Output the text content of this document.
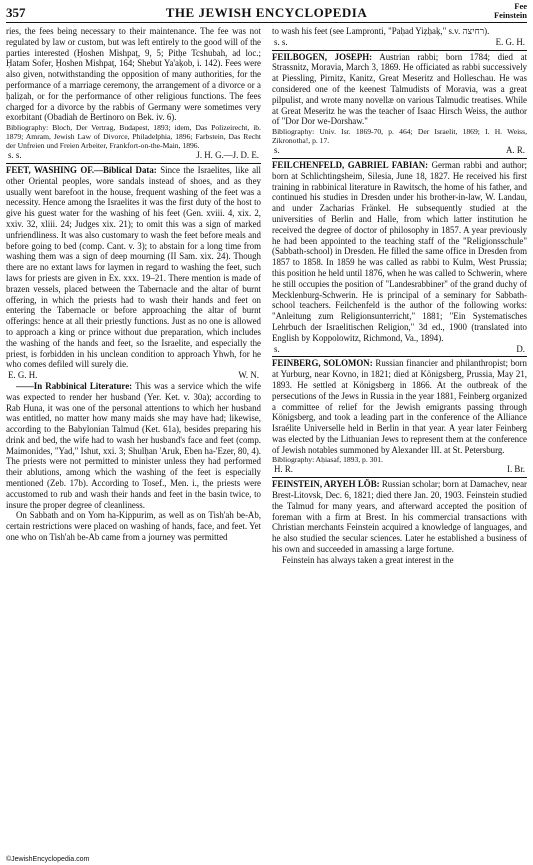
357	THE JEWISH ENCYCLOPEDIA	Fee
Feinstein

ries, the fees being necessary to their maintenance. The fee was not regulated by law or custom, but was left entirely to the good will of the parties interested (Ḥoshen Mishpaṭ, 9, 5; Pitḥe Tcshubah, ad loc.; Ḥatam Sofer, Ḥoshen Mishpaṭ, 164; Shebut Ya'aḳob, i. 142). Fees were also given, notwithstanding the opposition of many authorities, for the performance of a marriage ceremony, the arrangement of a divorce or a ḥaliẓah, or for the performance of other religious functions. The fees charged for a divorce by the rabbis of Germany were sometimes very exorbitant (Obadiah de Bertinoro on Bek. iv. 6).

Bibliography: Bloch, Der Vertrag, Budapest, 1893; idem, Das Polizeirecht, ib. 1879; Amram, Jewish Law of Divorce, Philadelphia, 1896; Farbstein, Das Recht der Unfreien und Freien Arbeiter, Frankfort-on-the-Main, 1896.

s. s.	J. H. G.—J. D. E.

FEET, WASHING OF.—Biblical Data: Since the Israelites, like all other Oriental peoples, wore sandals instead of shoes, and as they usually went barefoot in the house, frequent washing of the feet was a necessity. Hence among the Israelites it was the first duty of the host to give his guest water for the washing of his feet (Gen. xviii. 4, xix. 2, xxiv. 32, xliii. 24; Judges xix. 21); to omit this was a sign of marked unfriendliness. It was also customary to wash the feet before meals and before going to bed (comp. Cant. v. 3); to abstain for a long time from washing them was a sign of deep mourning (II Sam. xix. 24). Though there are no extant laws for laymen in regard to washing the feet, such laws for priests are given in Ex. xxx. 19–21. There mention is made of brazen vessels, placed between the Tabernacle and the altar of burnt offering, in which the priests had to wash their hands and feet on entering the Tabernacle or before approaching the altar of burnt offerings: hence at all their priestly functions. Just as no one is allowed to approach a king or prince without due preparation, which includes the washing of the hands and feet, so the Israelite, and especially the priest, is forbidden in his unclean condition to approach Yhwh, for he who comes defiled will surely die.

E. G. H.	W. N.

——In Rabbinical Literature: This was a service which the wife was expected to render her husband (Yer. Ket. v. 30a); according to Rab Huna, it was one of the personal attentions to which her husband was entitled, no matter how many maids she may have had; likewise, according to the Babylonian Talmud (Ket. 61a), besides preparing his drink and bed, the wife had to wash her husband's face and feet (comp. Maimonides, "Yad," Ishut, xxi. 3; Shulḥan 'Aruk, Eben ha-'Ezer, 80, 4). The priests were not permitted to minister unless they had performed their ablutions, among which the washing of the feet is especially mentioned (Zeb. 17b). According to Tosef., Men. i., the priests were accustomed to rub and wash their hands and feet in the basin twice, to insure the proper degree of cleanliness.

On Sabbath and on Yom ha-Kippurim, as well as on Tish'ah be-Ab, certain restrictions were placed on washing of hands, face, and feet. Yet one who on Tish'ah be-Ab came from a journey was permitted

to wash his feet (see Lampronti, "Paḥad Yiẓḥaḳ," s.v. רחיצה).

s. s.	E. G. H.

FEILBOGEN, JOSEPH: Austrian rabbi; born 1784; died at Strassnitz, Moravia, March 3, 1869. He officiated as rabbi successively at Piessling, Pirnitz, Kanitz, Great Meseritz and Holleschau. He was considered one of the keenest Talmudists of Moravia, was a great pilpulist, and wrote many novellæ on various Talmudic treatises. While at Great Meseritz he was the teacher of Isaac Hirsch Weiss, the author of "Dor Dor we-Dorshaw."

Bibliography: Univ. Isr. 1869-70, p. 464; Der Israelit, 1869; I. H. Weiss, Zikronotha!, p. 17.

s.	A. R.

FEILCHENFELD, GABRIEL FABIAN: German rabbi and author; born at Schlichtingsheim, Silesia, June 18, 1827. He received his first training in rabbinical literature in Rawitsch, the home of his father, and continued his studies in Dresden under his brother-in-law, W. Landau, and under Zacharias Fränkel. He subsequently studied at the universities of Berlin and Halle, from which latter institution he received the degree of doctor of philosophy in 1857. A year previously he had been appointed to the teaching staff of the "Religionsschule" (Sabbath-school) in Dresden. He filled the same office in Dresden from 1857 to 1858. In 1859 he was called as rabbi to Kulm, West Prussia; this position he held until 1876, when he was called to Schwerin, where he still occupies the position of "Landesrabbiner" of the grand duchy of Mecklenburg-Schwerin. He is principal of a seminary for Sabbath-school teachers. Feilchenfeld is the author of the following works: "Anleitung zum Religionsunterricht," 1881; "Ein Systematisches Lehrbuch der Israelitischen Religion," 3d ed., 1900 (translated into English by Koppolowitz, Richmond, Va., 1894).

s.	D.

FEINBERG, SOLOMON: Russian financier and philanthropist; born at Yurburg, near Kovno, in 1821; died at Königsberg, Prussia, May 21, 1893. He settled at Königsberg in 1866. At the outbreak of the persecutions of the Jews in Russia in the year 1881, Feinberg organized a committee of relief for the Jewish emigrants passing through Königsberg, and took a leading part in the conference of the Alliance Israélite Universelle held in Berlin in that year. A year later Feinberg was elected by the Lithuanian Jews to represent them at the conference of Jewish notables summoned by Alexander III. at St. Petersburg.

Bibliography: Aḥiasaf, 1893, p. 301.

H. R.	I. Br.

FEINSTEIN, ARYEH LÖB: Russian scholar; born at Damachev, near Brest-Litovsk, Dec. 6, 1821; died there Jan. 20, 1903. Feinstein studied the Talmud for many years, and afterward accepted the position of foreman with a firm at Brest. In his commercial transactions with Christian merchants Feinstein acquired a knowledge of languages, and he also studied the secular sciences. Later he established a business of his own and succeeded in amassing a large fortune.

Feinstein has always taken a great interest in the

©JewishEncyclopedia.com
